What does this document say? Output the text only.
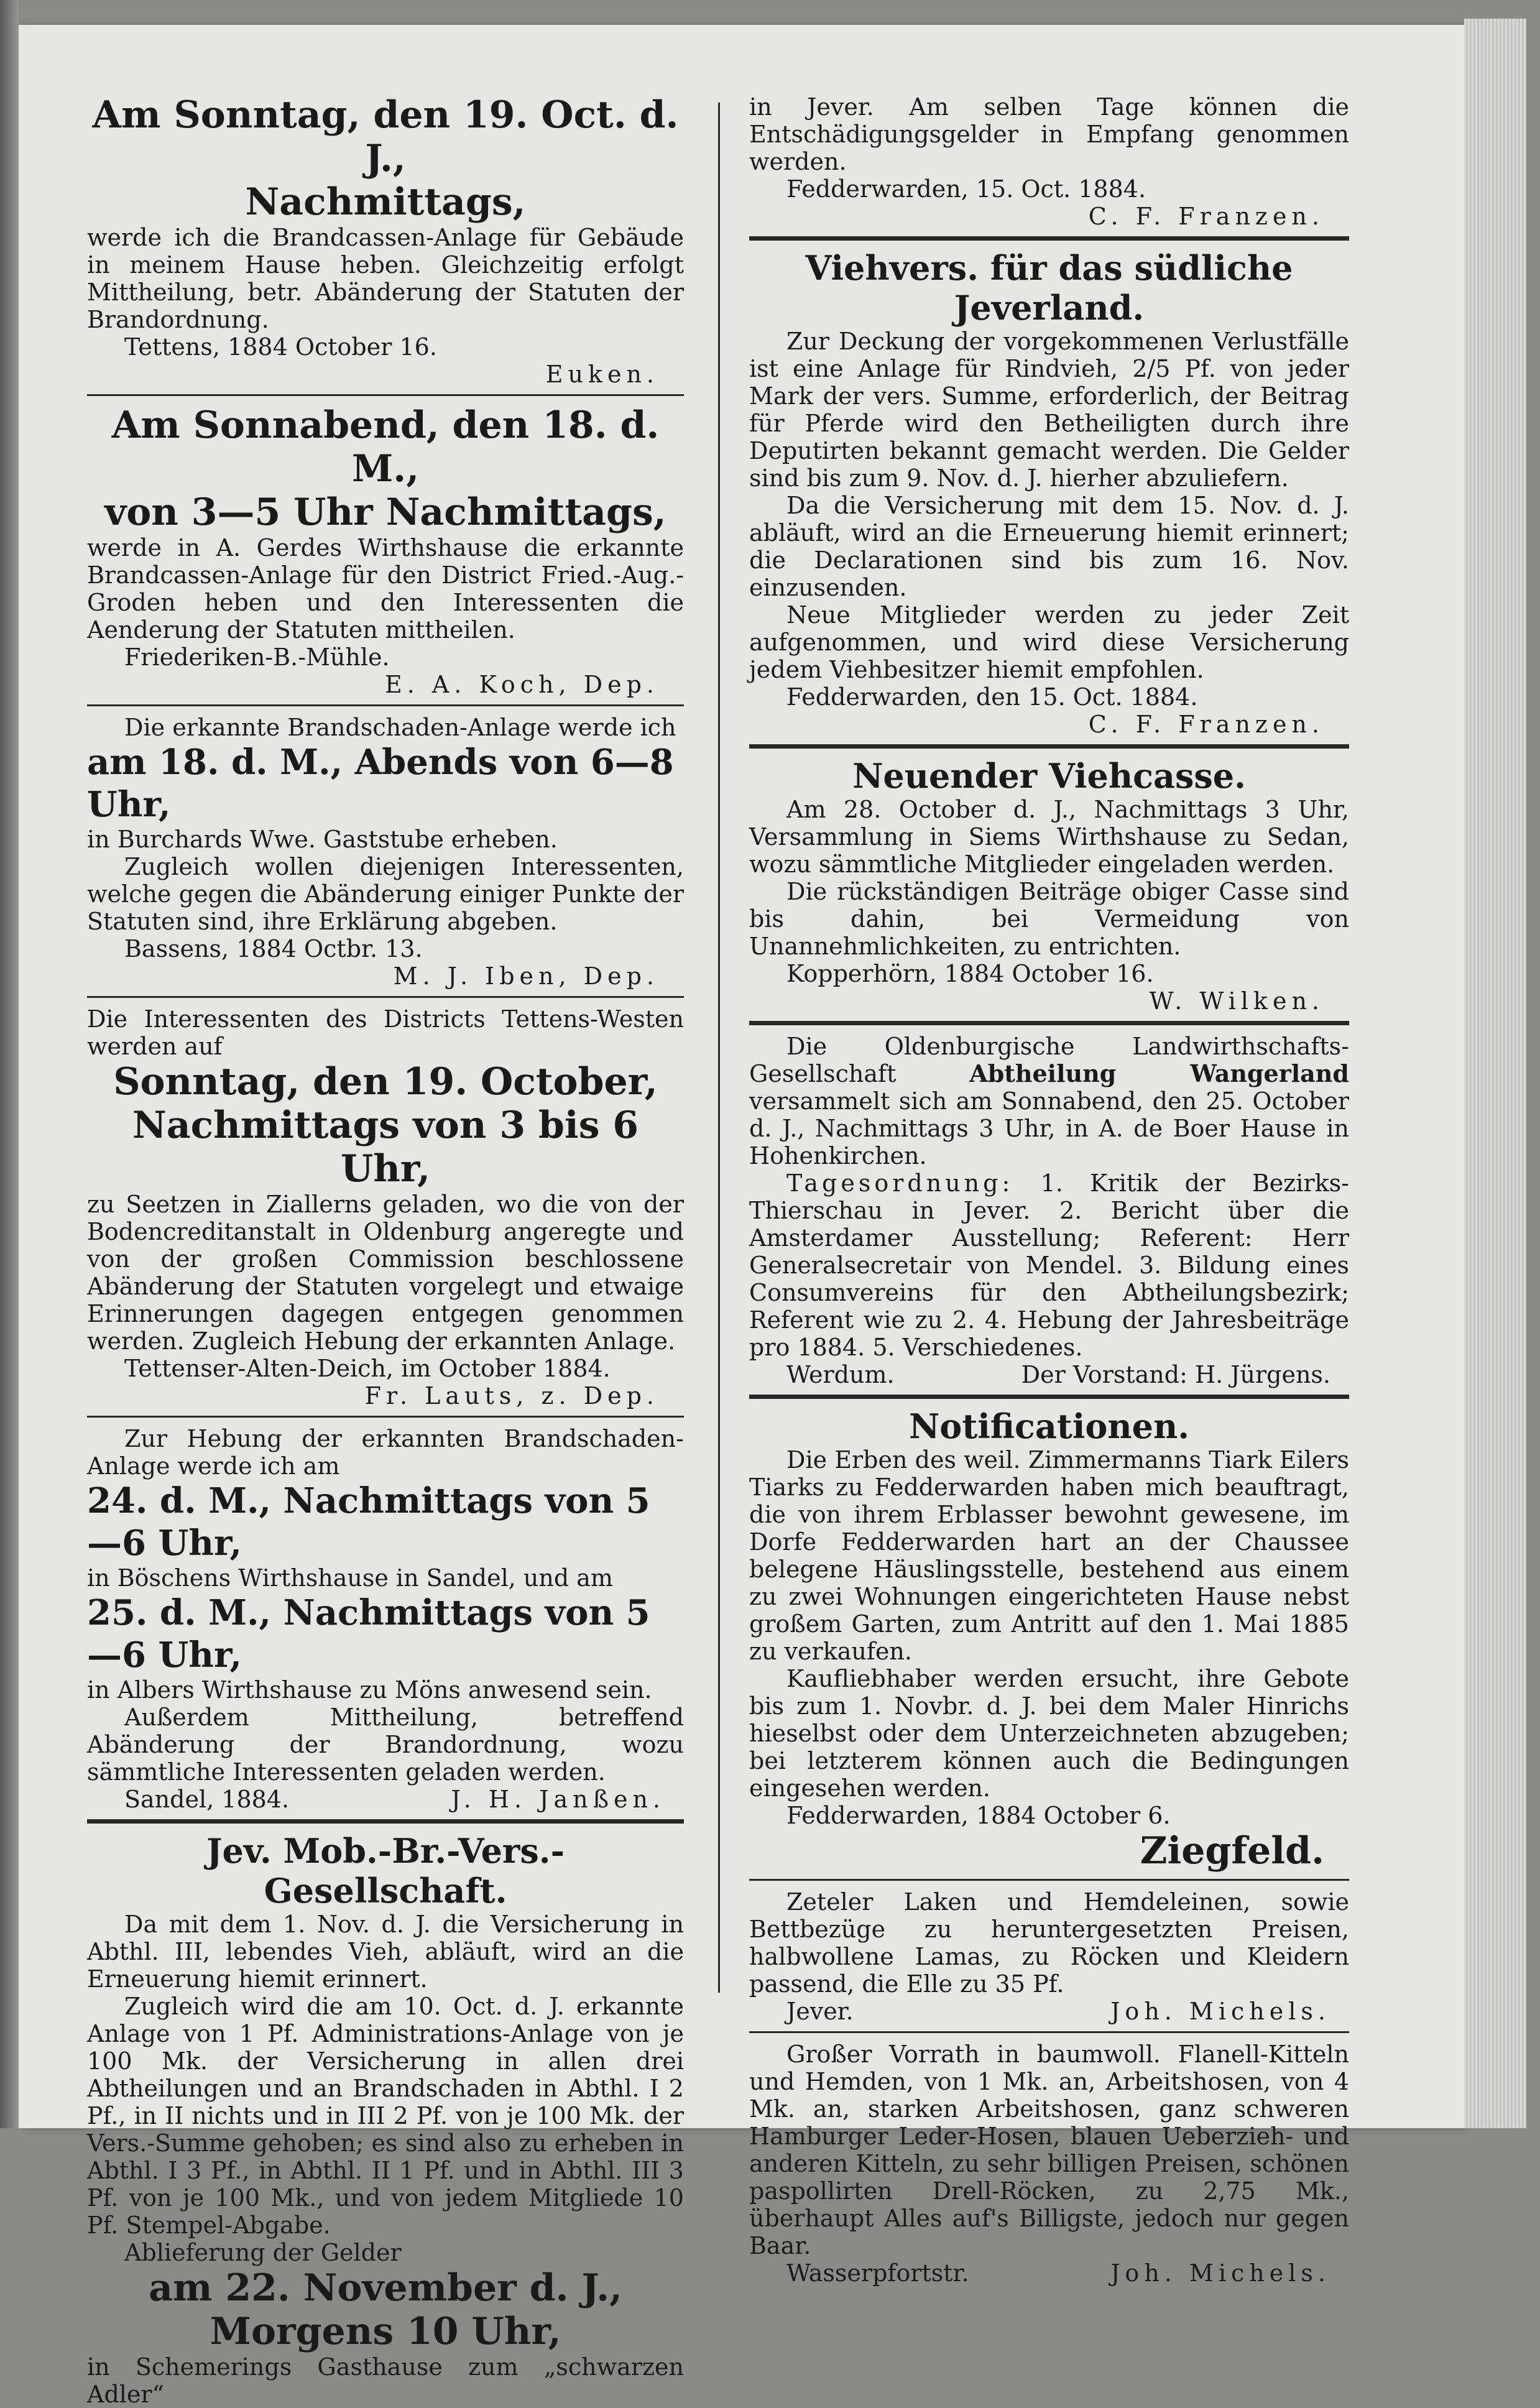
Am Sonntag, den 19. Oct. d. J.,
Nachmittags,

werde ich die Brandcassen-Anlage für Gebäude in meinem Hause heben. Gleichzeitig erfolgt Mittheilung, betr. Abänderung der Statuten der Brandordnung.

Tettens, 1884 October 16.
Euken.
Am Sonnabend, den 18. d. M.,
von 3—5 Uhr Nachmittags,

werde in A. Gerdes Wirthshause die erkannte Brandcassen-Anlage für den District Fried.-Aug.-Groden heben und den Interessenten die Aenderung der Statuten mittheilen.

Friederiken-B.-Mühle.
E. A. Koch, Dep.

Die erkannte Brandschaden-Anlage werde ich

am 18. d. M., Abends von 6—8 Uhr,

in Burchards Wwe. Gaststube erheben.

Zugleich wollen diejenigen Interessenten, welche gegen die Abänderung einiger Punkte der Statuten sind, ihre Erklärung abgeben.

Bassens, 1884 Octbr. 13.
M. J. Iben, Dep.

Die Interessenten des Districts Tettens-Westen werden auf

Sonntag, den 19. October,
Nachmittags von 3 bis 6 Uhr,

zu Seetzen in Ziallerns geladen, wo die von der Bodencreditanstalt in Oldenburg angeregte und von der großen Commission beschlossene Abänderung der Statuten vorgelegt und etwaige Erinnerungen dagegen entgegen genommen werden. Zugleich Hebung der erkannten Anlage.

Tettenser-Alten-Deich, im October 1884.
Fr. Lauts, z. Dep.

Zur Hebung der erkannten Brandschaden-Anlage werde ich am

24. d. M., Nachmittags von 5—6 Uhr,

in Böschens Wirthshause in Sandel, und am

25. d. M., Nachmittags von 5—6 Uhr,

in Albers Wirthshause zu Möns anwesend sein.

Außerdem Mittheilung, betreffend Abänderung der Brandordnung, wozu sämmtliche Interessenten geladen werden.

Sandel, 1884.	J. H. Janßen.
Jev. Mob.-Br.-Vers.-Gesellschaft.

Da mit dem 1. Nov. d. J. die Versicherung in Abthl. III, lebendes Vieh, abläuft, wird an die Erneuerung hiemit erinnert.

Zugleich wird die am 10. Oct. d. J. erkannte Anlage von 1 Pf. Administrations-Anlage von je 100 Mk. der Versicherung in allen drei Abtheilungen und an Brandschaden in Abthl. I 2 Pf., in II nichts und in III 2 Pf. von je 100 Mk. der Vers.-Summe gehoben; es sind also zu erheben in Abthl. I 3 Pf., in Abthl. II 1 Pf. und in Abthl. III 3 Pf. von je 100 Mk., und von jedem Mitgliede 10 Pf. Stempel-Abgabe.

Ablieferung der Gelder

am 22. November d. J.,
Morgens 10 Uhr,

in Schemerings Gasthause zum „schwarzen Adler“

in Jever. Am selben Tage können die Entschädigungsgelder in Empfang genommen werden.

Fedderwarden, 15. Oct. 1884.
C. F. Franzen.
Viehvers. für das südliche Jeverland.

Zur Deckung der vorgekommenen Verlustfälle ist eine Anlage für Rindvieh, 2/5 Pf. von jeder Mark der vers. Summe, erforderlich, der Beitrag für Pferde wird den Betheiligten durch ihre Deputirten bekannt gemacht werden. Die Gelder sind bis zum 9. Nov. d. J. hierher abzuliefern.

Da die Versicherung mit dem 15. Nov. d. J. abläuft, wird an die Erneuerung hiemit erinnert; die Declarationen sind bis zum 16. Nov. einzusenden.

Neue Mitglieder werden zu jeder Zeit aufgenommen, und wird diese Versicherung jedem Viehbesitzer hiemit empfohlen.

Fedderwarden, den 15. Oct. 1884.
C. F. Franzen.
Neuender Viehcasse.

Am 28. October d. J., Nachmittags 3 Uhr, Versammlung in Siems Wirthshause zu Sedan, wozu sämmtliche Mitglieder eingeladen werden.

Die rückständigen Beiträge obiger Casse sind bis dahin, bei Vermeidung von Unannehmlichkeiten, zu entrichten.

Kopperhörn, 1884 October 16.
W. Wilken.

Die Oldenburgische Landwirthschafts-Gesellschaft	Abtheilung Wangerland versammelt sich am Sonnabend, den 25. October d. J., Nachmittags 3 Uhr, in A. de Boer Hause in Hohenkirchen.

Tagesordnung: 1. Kritik der Bezirks-Thierschau in Jever. 2. Bericht über die Amsterdamer Ausstellung; Referent: Herr Generalsecretair von Mendel. 3. Bildung eines Consumvereins für den Abtheilungsbezirk; Referent wie zu 2. 4. Hebung der Jahresbeiträge pro 1884. 5. Verschiedenes.

Werdum.	Der Vorstand: H. Jürgens.
Notificationen.

Die Erben des weil. Zimmermanns Tiark Eilers Tiarks zu Fedderwarden haben mich beauftragt, die von ihrem Erblasser bewohnt gewesene, im Dorfe Fedderwarden hart an der Chaussee belegene Häuslingsstelle, bestehend aus einem zu zwei Wohnungen eingerichteten Hause nebst großem Garten, zum Antritt auf den 1. Mai 1885 zu verkaufen.

Kaufliebhaber werden ersucht, ihre Gebote bis zum 1. Novbr. d. J. bei dem Maler Hinrichs hieselbst oder dem Unterzeichneten abzugeben; bei letzterem können auch die Bedingungen eingesehen werden.

Fedderwarden, 1884 October 6.
Ziegfeld.

Zeteler Laken und Hemdeleinen, sowie Bettbezüge zu heruntergesetzten Preisen, halbwollene Lamas, zu Röcken und Kleidern passend, die Elle zu 35 Pf.

Jever.	Joh. Michels.

Großer Vorrath in baumwoll. Flanell-Kitteln und Hemden, von 1 Mk. an, Arbeitshosen, von 4 Mk. an, starken Arbeitshosen, ganz schweren Hamburger Leder-Hosen, blauen Ueberzieh- und anderen Kitteln, zu sehr billigen Preisen, schönen paspollirten Drell-Röcken, zu 2,75 Mk., überhaupt Alles auf's Billigste, jedoch nur gegen Baar.

Wasserpfortstr.	Joh. Michels.
